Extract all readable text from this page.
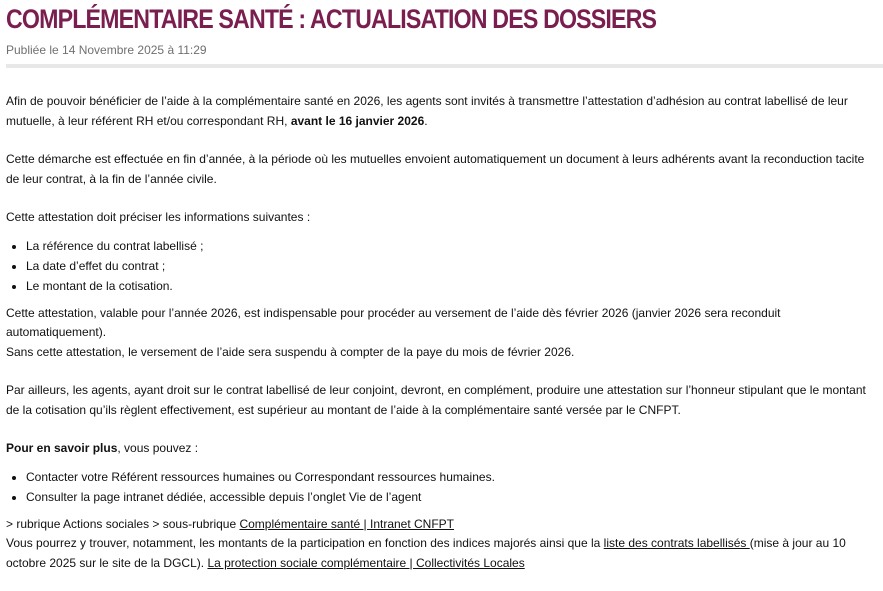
COMPLÉMENTAIRE SANTÉ : ACTUALISATION DES DOSSIERS
Publiée le 14 Novembre 2025 à 11:29

Afin de pouvoir bénéficier de l’aide à la complémentaire santé en 2026, les agents sont invités à transmettre l’attestation d’adhésion au contrat labellisé de leur mutuelle, à leur référent RH et/ou correspondant RH, avant le 16 janvier 2026.

Cette démarche est effectuée en fin d’année, à la période où les mutuelles envoient automatiquement un document à leurs adhérents avant la reconduction tacite de leur contrat, à la fin de l’année civile.

Cette attestation doit préciser les informations suivantes :

• La référence du contrat labellisé ;
• La date d’effet du contrat ;
• Le montant de la cotisation.

Cette attestation, valable pour l’année 2026, est indispensable pour procéder au versement de l’aide dès février 2026 (janvier 2026 sera reconduit automatiquement).
Sans cette attestation, le versement de l’aide sera suspendu à compter de la paye du mois de février 2026.

Par ailleurs, les agents, ayant droit sur le contrat labellisé de leur conjoint, devront, en complément, produire une attestation sur l’honneur stipulant que le montant de la cotisation qu’ils règlent effectivement, est supérieur au montant de l’aide à la complémentaire santé versée par le CNFPT.

Pour en savoir plus, vous pouvez :

• Contacter votre Référent ressources humaines ou Correspondant ressources humaines.
• Consulter la page intranet dédiée, accessible depuis l’onglet Vie de l’agent

> rubrique Actions sociales > sous-rubrique Complémentaire santé | Intranet CNFPT
Vous pourrez y trouver, notamment, les montants de la participation en fonction des indices majorés ainsi que la liste des contrats labellisés (mise à jour au 10 octobre 2025 sur le site de la DGCL). La protection sociale complémentaire | Collectivités Locales
